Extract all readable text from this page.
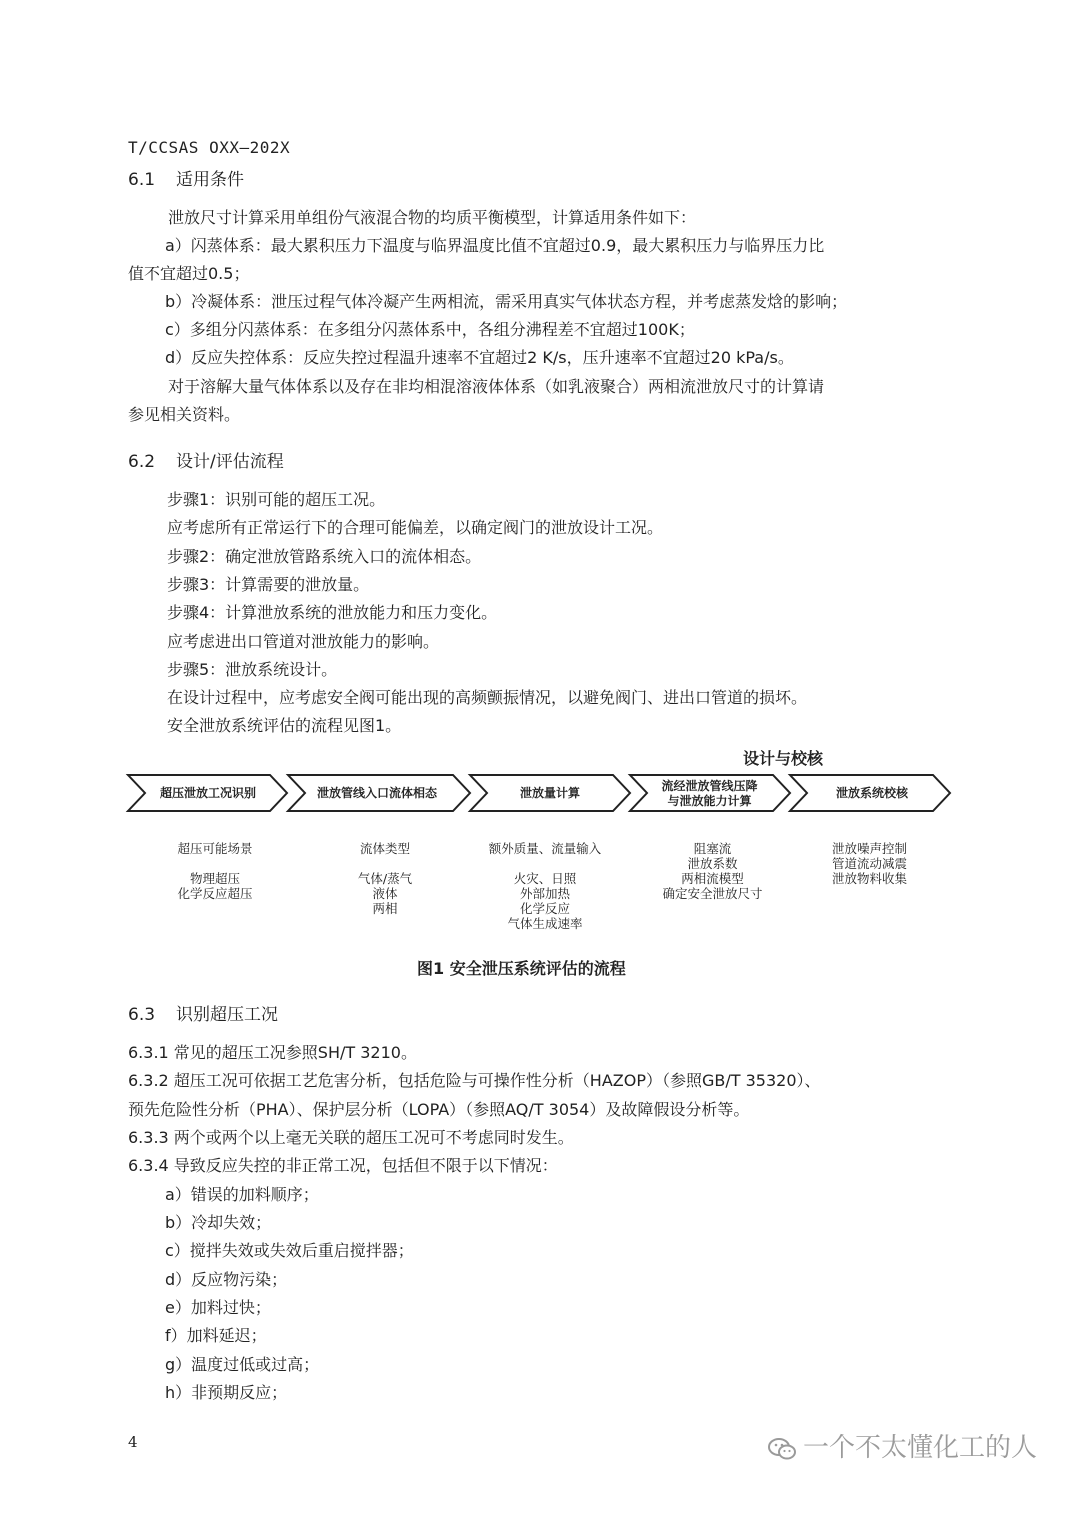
T/CCSAS OXX—202X
6.1 适用条件
泄放尺寸计算采用单组份气液混合物的均质平衡模型，计算适用条件如下：
a）闪蒸体系：最大累积压力下温度与临界温度比值不宜超过0.9，最大累积压力与临界压力比
值不宜超过0.5；
b）冷凝体系：泄压过程气体冷凝产生两相流，需采用真实气体状态方程，并考虑蒸发焓的影响；
c）多组分闪蒸体系：在多组分闪蒸体系中，各组分沸程差不宜超过100K；
d）反应失控体系：反应失控过程温升速率不宜超过2 K/s，压升速率不宜超过20 kPa/s。
对于溶解大量气体体系以及存在非均相混溶液体体系（如乳液聚合）两相流泄放尺寸的计算请
参见相关资料。
6.2 设计/评估流程
步骤1：识别可能的超压工况。
应考虑所有正常运行下的合理可能偏差，以确定阀门的泄放设计工况。
步骤2：确定泄放管路系统入口的流体相态。
步骤3：计算需要的泄放量。
步骤4：计算泄放系统的泄放能力和压力变化。
应考虑进出口管道对泄放能力的影响。
步骤5：泄放系统设计。
在设计过程中，应考虑安全阀可能出现的高频颤振情况，以避免阀门、进出口管道的损坏。
安全泄放系统评估的流程见图1。
设计与校核
超压泄放工况识别	泄放管线入口流体相态	泄放量计算	流经泄放管线压降
与泄放能力计算
泄放系统校核
超压可能场景

物理超压
化学反应超压
流体类型

气体/蒸气
液体
两相
额外质量、流量输入

火灾、日照
外部加热
化学反应
气体生成速率
阻塞流
泄放系数
两相流模型
确定安全泄放尺寸
泄放噪声控制
管道流动减震
泄放物料收集
图1 安全泄压系统评估的流程
6.3 识别超压工况
6.3.1 常见的超压工况参照SH/T 3210。
6.3.2 超压工况可依据工艺危害分析，包括危险与可操作性分析（HAZOP）（参照GB/T 35320）、
预先危险性分析（PHA）、保护层分析（LOPA）（参照AQ/T 3054）及故障假设分析等。
6.3.3 两个或两个以上毫无关联的超压工况可不考虑同时发生。
6.3.4 导致反应失控的非正常工况，包括但不限于以下情况：
a）错误的加料顺序；
b）冷却失效；
c）搅拌失效或失效后重启搅拌器；
d）反应物污染；
e）加料过快；
f）加料延迟；
g）温度过低或过高；
h）非预期反应；
4	一个不太懂化工的人
